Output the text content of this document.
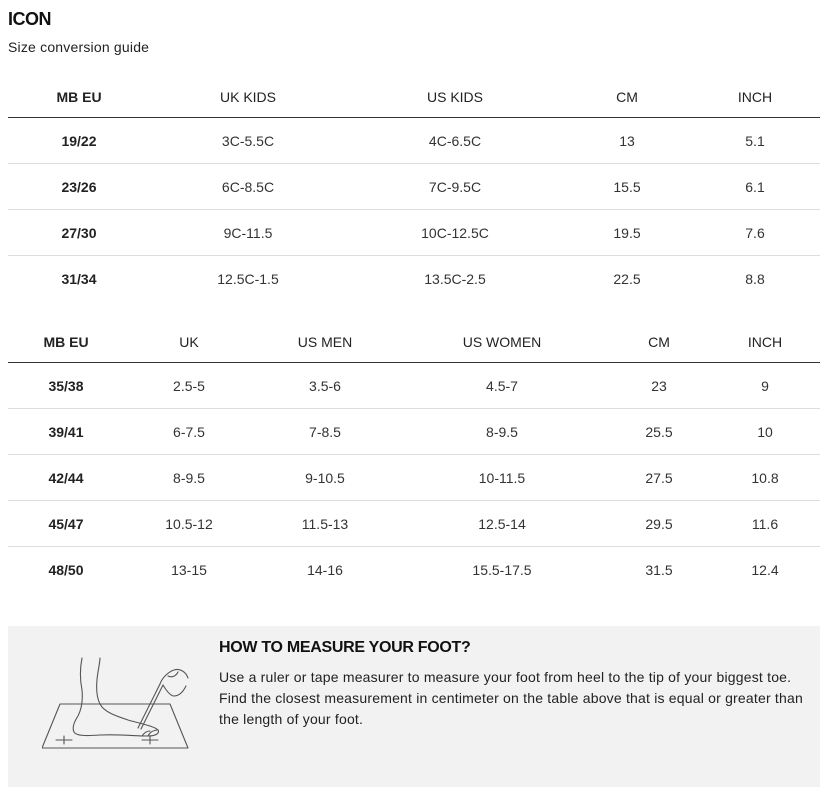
ICON
Size conversion guide
MB EU	UK KIDS	US KIDS	CM	INCH
19/22	3C-5.5C	4C-6.5C	13	5.1
23/26	6C-8.5C	7C-9.5C	15.5	6.1
27/30	9C-11.5	10C-12.5C	19.5	7.6
31/34	12.5C-1.5	13.5C-2.5	22.5	8.8
MB EU	UK	US MEN	US WOMEN	CM	INCH
35/38	2.5-5	3.5-6	4.5-7	23	9
39/41	6-7.5	7-8.5	8-9.5	25.5	10
42/44	8-9.5	9-10.5	10-11.5	27.5	10.8
45/47	10.5-12	11.5-13	12.5-14	29.5	11.6
48/50	13-15	14-16	15.5-17.5	31.5	12.4
HOW TO MEASURE YOUR FOOT?

Use a ruler or tape measurer to measure your foot from heel to the tip of your biggest toe.

Find the closest measurement in centimeter on the table above that is equal or greater than the length of your foot.
